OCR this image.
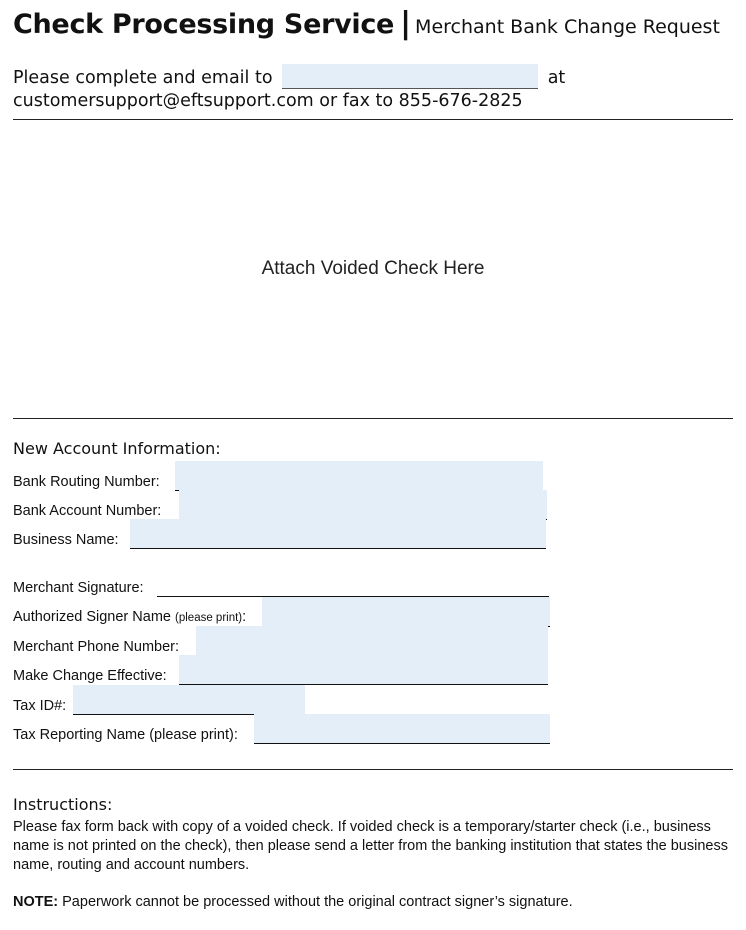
Check Processing Service | Merchant Bank Change Request
Please complete and email to	at
customersupport@eftsupport.com or fax to 855-676-2825
Attach Voided Check Here
New Account Information:
Bank Routing Number:
Bank Account Number:
Business Name:
Merchant Signature:
Authorized Signer Name (please print):
Merchant Phone Number:
Make Change Effective:
Tax ID#:
Tax Reporting Name (please print):
Instructions:
Please fax form back with copy of a voided check. If voided check is a temporary/starter check (i.e., business name is not printed on the check), then please send a letter from the banking institution that states the business name, routing and account numbers.
NOTE: Paperwork cannot be processed without the original contract signer’s signature.
